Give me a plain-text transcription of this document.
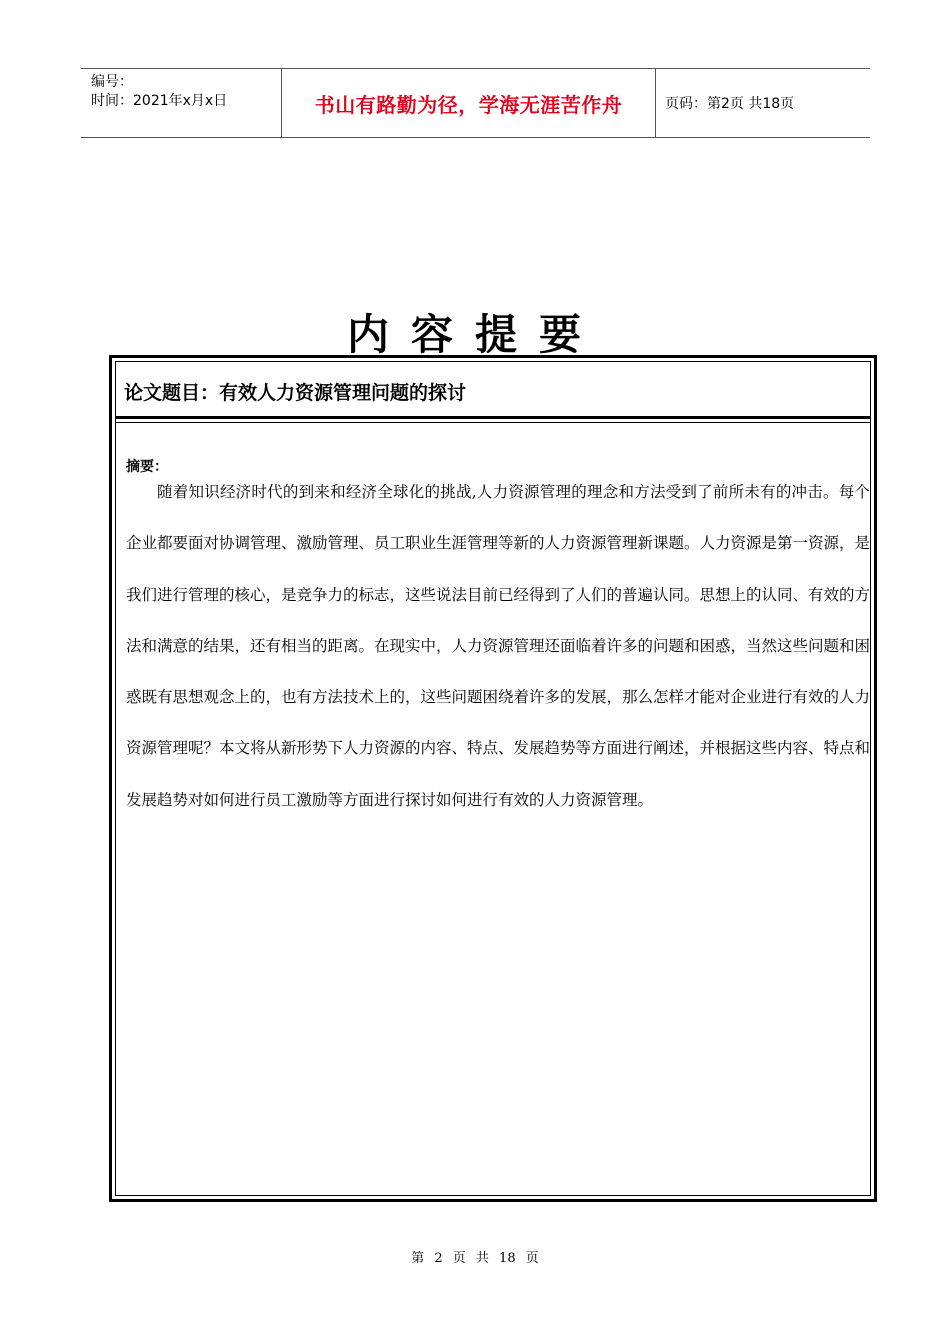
编号：
时间：2021年x月x日	书山有路勤为径，学海无涯苦作舟	页码：第2页 共18页
内容提要
论文题目：有效人力资源管理问题的探讨
摘要：
随着知识经济时代的到来和经济全球化的挑战,人力资源管理的理念和方法受到了前所未有的冲击。每个企业都要面对协调管理、激励管理、员工职业生涯管理等新的人力资源管理新课题。人力资源是第一资源，是我们进行管理的核心，是竞争力的标志，这些说法目前已经得到了人们的普遍认同。思想上的认同、有效的方法和满意的结果，还有相当的距离。在现实中，人力资源管理还面临着许多的问题和困惑，当然这些问题和困惑既有思想观念上的，也有方法技术上的，这些问题困绕着许多的发展，那么怎样才能对企业进行有效的人力资源管理呢？本文将从新形势下人力资源的内容、特点、发展趋势等方面进行阐述，并根据这些内容、特点和发展趋势对如何进行员工激励等方面进行探讨如何进行有效的人力资源管理。
第 2 页 共 18 页
